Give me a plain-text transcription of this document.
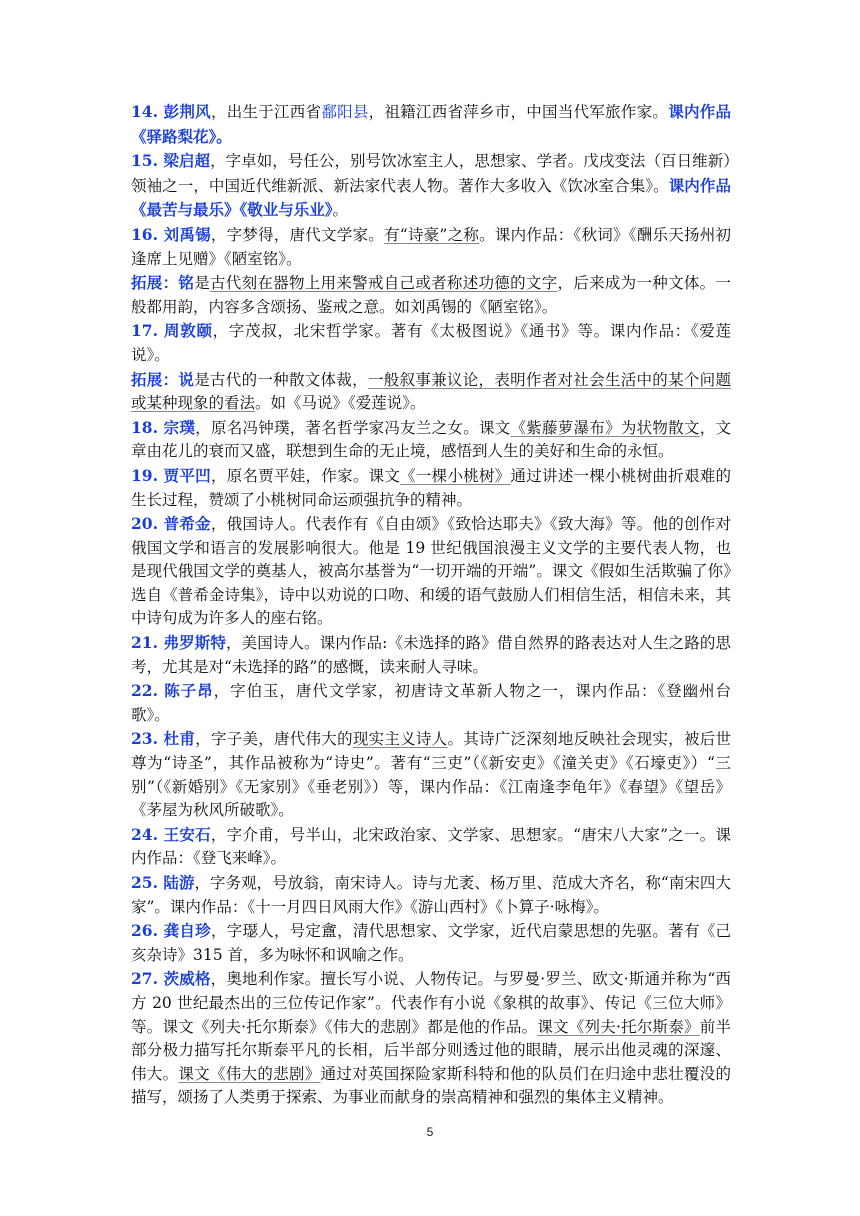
14. 彭荆风，出生于江西省鄱阳县，祖籍江西省萍乡市，中国当代军旅作家。课内作品《驿路梨花》。

15. 梁启超，字卓如，号任公，别号饮冰室主人，思想家、学者。戊戌变法（百日维新）领袖之一，中国近代维新派、新法家代表人物。著作大多收入《饮冰室合集》。课内作品《最苦与最乐》《敬业与乐业》。

16. 刘禹锡，字梦得，唐代文学家。有“诗豪”之称。课内作品：《秋词》《酬乐天扬州初逢席上见赠》《陋室铭》。

拓展：铭是古代刻在器物上用来警戒自己或者称述功德的文字，后来成为一种文体。一般都用韵，内容多含颂扬、鉴戒之意。如刘禹锡的《陋室铭》。

17. 周敦颐，字茂叔，北宋哲学家。著有《太极图说》《通书》等。课内作品：《爱莲说》。

拓展：说是古代的一种散文体裁，一般叙事兼议论，表明作者对社会生活中的某个问题或某种现象的看法。如《马说》《爱莲说》。

18. 宗璞，原名冯钟璞，著名哲学家冯友兰之女。课文《紫藤萝瀑布》为状物散文，文章由花儿的衰而又盛，联想到生命的无止境，感悟到人生的美好和生命的永恒。

19. 贾平凹，原名贾平娃，作家。课文《一棵小桃树》通过讲述一棵小桃树曲折艰难的生长过程，赞颂了小桃树同命运顽强抗争的精神。

20. 普希金，俄国诗人。代表作有《自由颂》《致恰达耶夫》《致大海》等。他的创作对俄国文学和语言的发展影响很大。他是 19 世纪俄国浪漫主义文学的主要代表人物，也是现代俄国文学的奠基人，被高尔基誉为“一切开端的开端”。课文《假如生活欺骗了你》选自《普希金诗集》，诗中以劝说的口吻、和缓的语气鼓励人们相信生活，相信未来，其中诗句成为许多人的座右铭。

21. 弗罗斯特，美国诗人。课内作品:《未选择的路》借自然界的路表达对人生之路的思考，尤其是对“未选择的路”的感慨，读来耐人寻味。

22. 陈子昂，字伯玉，唐代文学家，初唐诗文革新人物之一，课内作品：《登幽州台歌》。

23. 杜甫，字子美，唐代伟大的现实主义诗人。其诗广泛深刻地反映社会现实，被后世尊为“诗圣”，其作品被称为“诗史”。著有“三吏”（《新安吏》《潼关吏》《石壕吏》）“三别”（《新婚别》《无家别》《垂老别》）等，课内作品：《江南逢李龟年》《春望》《望岳》《茅屋为秋风所破歌》。

24. 王安石，字介甫，号半山，北宋政治家、文学家、思想家。“唐宋八大家”之一。课内作品：《登飞来峰》。

25. 陆游，字务观，号放翁，南宋诗人。诗与尤袤、杨万里、范成大齐名，称“南宋四大家”。课内作品：《十一月四日风雨大作》《游山西村》《卜算子·咏梅》。

26. 龚自珍，字璱人，号定盦，清代思想家、文学家，近代启蒙思想的先驱。著有《己亥杂诗》315 首，多为咏怀和讽喻之作。

27. 茨威格，奥地利作家。擅长写小说、人物传记。与罗曼·罗兰、欧文·斯通并称为“西方 20 世纪最杰出的三位传记作家”。代表作有小说《象棋的故事》、传记《三位大师》等。课文《列夫·托尔斯泰》《伟大的悲剧》都是他的作品。课文《列夫·托尔斯泰》前半部分极力描写托尔斯泰平凡的长相，后半部分则透过他的眼睛，展示出他灵魂的深邃、伟大。课文《伟大的悲剧》通过对英国探险家斯科特和他的队员们在归途中悲壮覆没的描写，颂扬了人类勇于探索、为事业而献身的崇高精神和强烈的集体主义精神。

5
